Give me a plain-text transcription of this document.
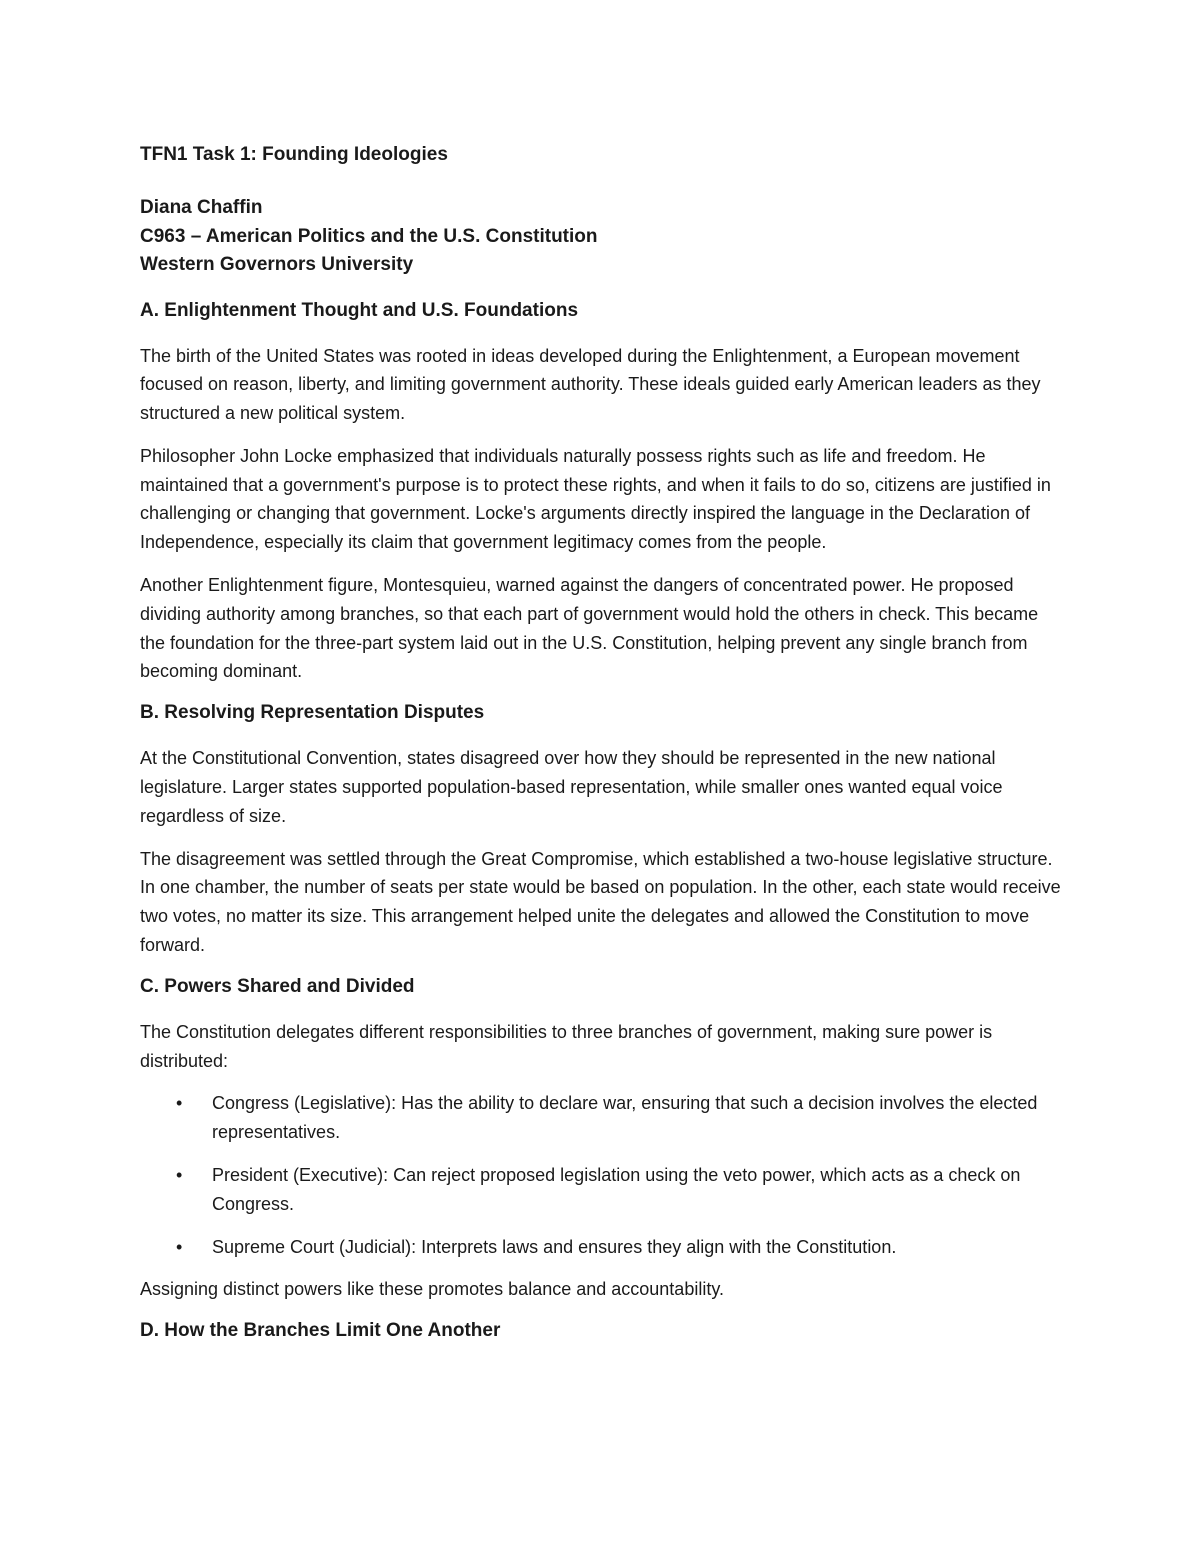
TFN1 Task 1: Founding Ideologies
Diana Chaffin
C963 – American Politics and the U.S. Constitution
Western Governors University
A. Enlightenment Thought and U.S. Foundations

The birth of the United States was rooted in ideas developed during the Enlightenment, a European movement focused on reason, liberty, and limiting government authority. These ideals guided early American leaders as they structured a new political system.

Philosopher John Locke emphasized that individuals naturally possess rights such as life and freedom. He maintained that a government's purpose is to protect these rights, and when it fails to do so, citizens are justified in challenging or changing that government. Locke's arguments directly inspired the language in the Declaration of Independence, especially its claim that government legitimacy comes from the people.

Another Enlightenment figure, Montesquieu, warned against the dangers of concentrated power. He proposed dividing authority among branches, so that each part of government would hold the others in check. This became the foundation for the three-part system laid out in the U.S. Constitution, helping prevent any single branch from becoming dominant.

B. Resolving Representation Disputes

At the Constitutional Convention, states disagreed over how they should be represented in the new national legislature. Larger states supported population-based representation, while smaller ones wanted equal voice regardless of size.

The disagreement was settled through the Great Compromise, which established a two-house legislative structure. In one chamber, the number of seats per state would be based on population. In the other, each state would receive two votes, no matter its size. This arrangement helped unite the delegates and allowed the Constitution to move forward.

C. Powers Shared and Divided

The Constitution delegates different responsibilities to three branches of government, making sure power is distributed:

• Congress (Legislative): Has the ability to declare war, ensuring that such a decision involves the elected representatives.
• President (Executive): Can reject proposed legislation using the veto power, which acts as a check on Congress.
• Supreme Court (Judicial): Interprets laws and ensures they align with the Constitution.

Assigning distinct powers like these promotes balance and accountability.

D. How the Branches Limit One Another
